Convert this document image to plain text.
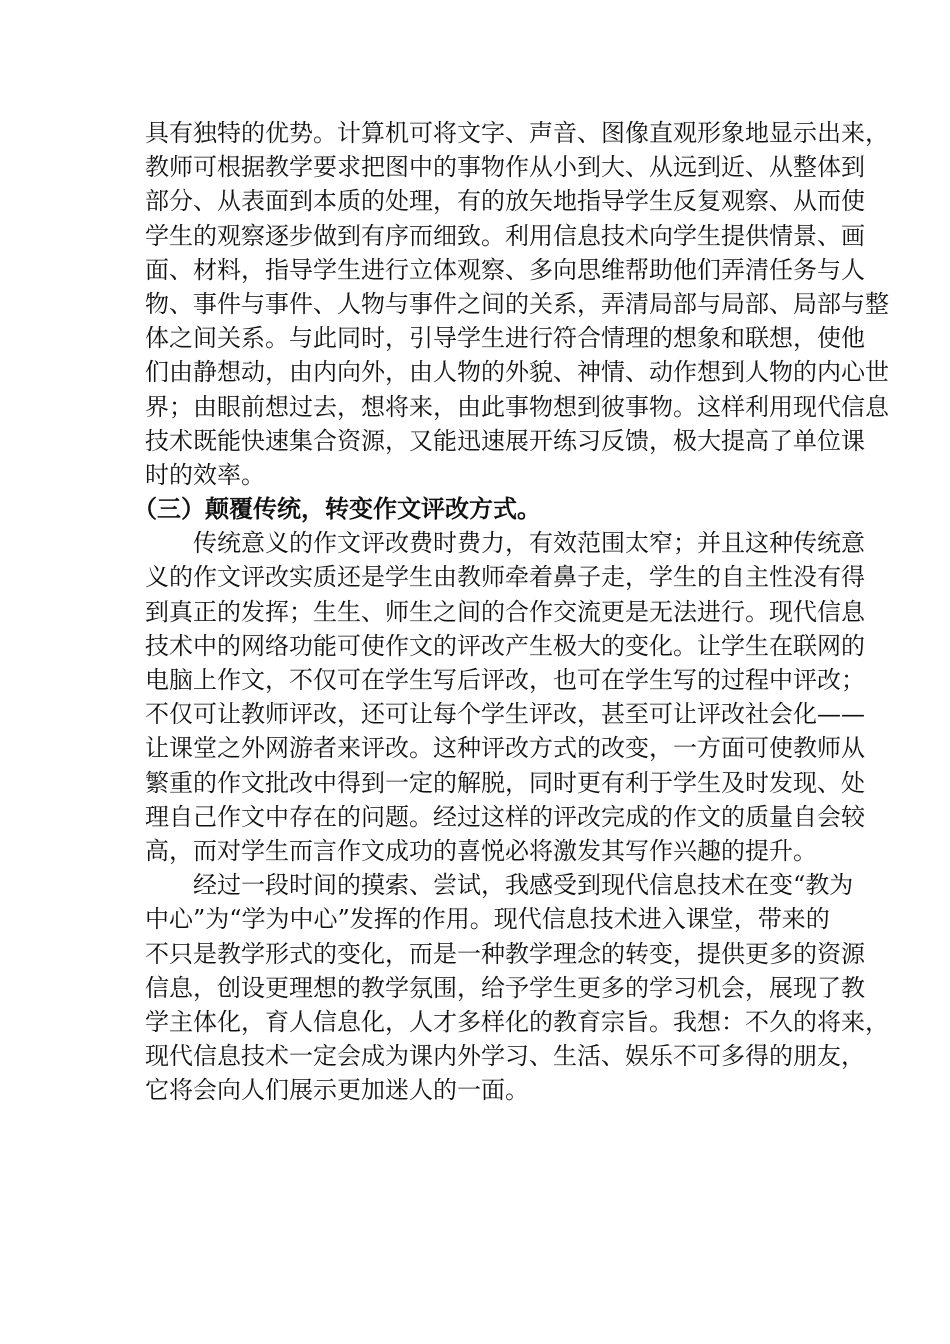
具有独特的优势。计算机可将文字、声音、图像直观形象地显示出来，
教师可根据教学要求把图中的事物作从小到大、从远到近、从整体到
部分、从表面到本质的处理，有的放矢地指导学生反复观察、从而使
学生的观察逐步做到有序而细致。利用信息技术向学生提供情景、画
面、材料，指导学生进行立体观察、多向思维帮助他们弄清任务与人
物、事件与事件、人物与事件之间的关系，弄清局部与局部、局部与整
体之间关系。与此同时，引导学生进行符合情理的想象和联想，使他
们由静想动，由内向外，由人物的外貌、神情、动作想到人物的内心世
界；由眼前想过去，想将来，由此事物想到彼事物。这样利用现代信息
技术既能快速集合资源，又能迅速展开练习反馈，极大提高了单位课
时的效率。

（三）颠覆传统，转变作文评改方式。

传统意义的作文评改费时费力，有效范围太窄；并且这种传统意
义的作文评改实质还是学生由教师牵着鼻子走，学生的自主性没有得
到真正的发挥；生生、师生之间的合作交流更是无法进行。现代信息
技术中的网络功能可使作文的评改产生极大的变化。让学生在联网的
电脑上作文，不仅可在学生写后评改，也可在学生写的过程中评改；
不仅可让教师评改，还可让每个学生评改，甚至可让评改社会化——
让课堂之外网游者来评改。这种评改方式的改变，一方面可使教师从
繁重的作文批改中得到一定的解脱，同时更有利于学生及时发现、处
理自己作文中存在的问题。经过这样的评改完成的作文的质量自会较
高，而对学生而言作文成功的喜悦必将激发其写作兴趣的提升。

经过一段时间的摸索、尝试，我感受到现代信息技术在变“教为
中心”为“学为中心”发挥的作用。现代信息技术进入课堂，带来的
不只是教学形式的变化，而是一种教学理念的转变，提供更多的资源
信息，创设更理想的教学氛围，给予学生更多的学习机会，展现了教
学主体化，育人信息化，人才多样化的教育宗旨。我想：不久的将来，
现代信息技术一定会成为课内外学习、生活、娱乐不可多得的朋友，
它将会向人们展示更加迷人的一面。
